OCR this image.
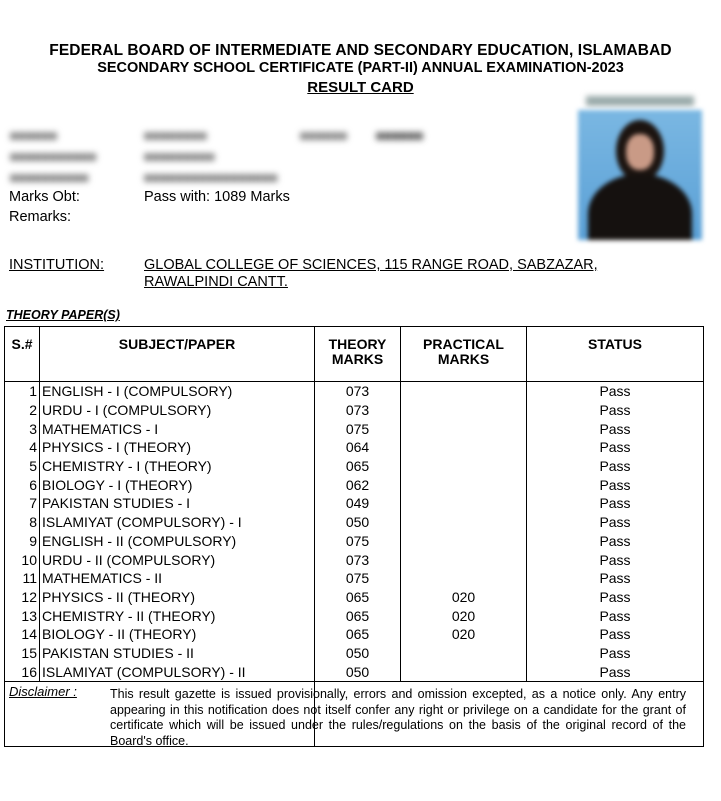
FEDERAL BOARD OF INTERMEDIATE AND SECONDARY EDUCATION, ISLAMABAD
SECONDARY SCHOOL CERTIFICATE (PART-II) ANNUAL EXAMINATION-2023
RESULT CARD
■■■■■■	■■■■■■■■	■■■■■■ ■■■■■■
■■■■■■■■■■■	■■■■■■■■■
■■■■■■■■■■	■■■■■■■■■■■■■■■■■
Marks Obt:	Pass with: 1089 Marks
Remarks:
INSTITUTION:	GLOBAL COLLEGE OF SCIENCES, 115 RANGE ROAD, SABZAZAR, RAWALPINDI CANTT.
THEORY PAPER(S)
S.#	SUBJECT/PAPER	THEORY MARKS	PRACTICAL MARKS	STATUS
1	ENGLISH - I (COMPULSORY)	073		Pass
2	URDU - I (COMPULSORY)	073		Pass
3	MATHEMATICS - I	075		Pass
4	PHYSICS - I (THEORY)	064		Pass
5	CHEMISTRY - I (THEORY)	065		Pass
6	BIOLOGY - I (THEORY)	062		Pass
7	PAKISTAN STUDIES - I	049		Pass
8	ISLAMIYAT (COMPULSORY) - I	050		Pass
9	ENGLISH - II (COMPULSORY)	075		Pass
10	URDU - II (COMPULSORY)	073		Pass
11	MATHEMATICS - II	075		Pass
12	PHYSICS - II (THEORY)	065	020	Pass
13	CHEMISTRY - II (THEORY)	065	020	Pass
14	BIOLOGY - II (THEORY)	065	020	Pass
15	PAKISTAN STUDIES - II	050		Pass
16	ISLAMIYAT (COMPULSORY) - II	050		Pass

Disclaimer :				
		This result gazette is issued provisionally, errors and omission excepted, as a notice only. Any entry appearing in this notification does not itself confer any right or privilege on a candidate for the grant of certificate which will be issued under the rules/regulations on the basis of the original record of the Board's office.
